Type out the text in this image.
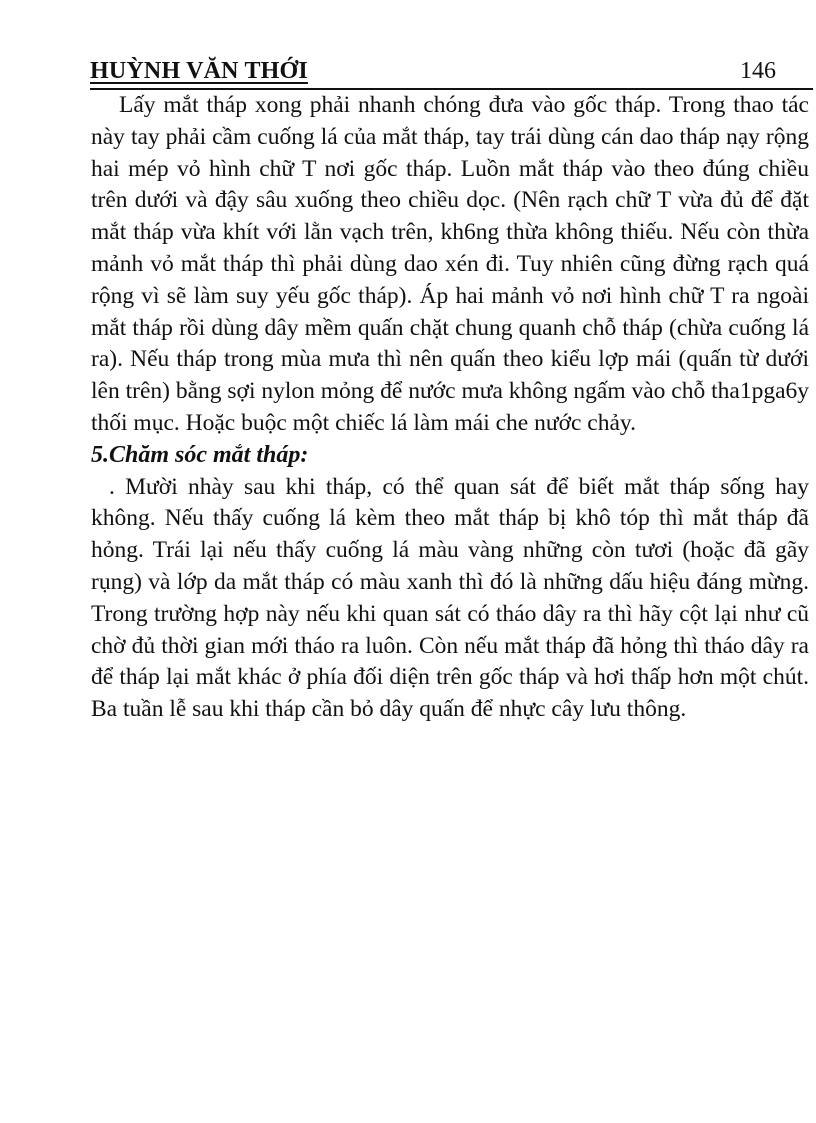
HUỲNH VĂN THỚI	146

Lấy mắt tháp xong phải nhanh chóng đưa vào gốc tháp. Trong thao tác này tay phải cầm cuống lá của mắt tháp, tay trái dùng cán dao tháp nạy rộng hai mép vỏ hình chữ T nơi gốc tháp. Luồn mắt tháp vào theo đúng chiều trên dưới và đậy sâu xuống theo chiều dọc. (Nên rạch chữ T vừa đủ để đặt mắt tháp vừa khít với lằn vạch trên, kh6ng thừa không thiếu. Nếu còn thừa mảnh vỏ mắt tháp thì phải dùng dao xén đi. Tuy nhiên cũng đừng rạch quá rộng vì sẽ làm suy yếu gốc tháp). Áp hai mảnh vỏ nơi hình chữ T ra ngoài mắt tháp rồi dùng dây mềm quấn chặt chung quanh chỗ tháp (chừa cuống lá ra). Nếu tháp trong mùa mưa thì nên quấn theo kiểu lợp mái (quấn từ dưới lên trên) bằng sợi nylon mỏng để nước mưa không ngấm vào chỗ tha1pga6y thối mục. Hoặc buộc một chiếc lá làm mái che nước chảy.

5.Chăm sóc mắt tháp:

. Mười nhày sau khi tháp, có thể quan sát để biết mắt tháp sống hay không. Nếu thấy cuống lá kèm theo mắt tháp bị khô tóp thì mắt tháp đã hỏng. Trái lại nếu thấy cuống lá màu vàng những còn tươi (hoặc đã gãy rụng) và lớp da mắt tháp có màu xanh thì đó là những dấu hiệu đáng mừng. Trong trường hợp này nếu khi quan sát có tháo dây ra thì hãy cột lại như cũ chờ đủ thời gian mới tháo ra luôn. Còn nếu mắt tháp đã hỏng thì tháo dây ra để tháp lại mắt khác ở phía đối diện trên gốc tháp và hơi thấp hơn một chút. Ba tuần lễ sau khi tháp cần bỏ dây quấn để nhực cây lưu thông.
